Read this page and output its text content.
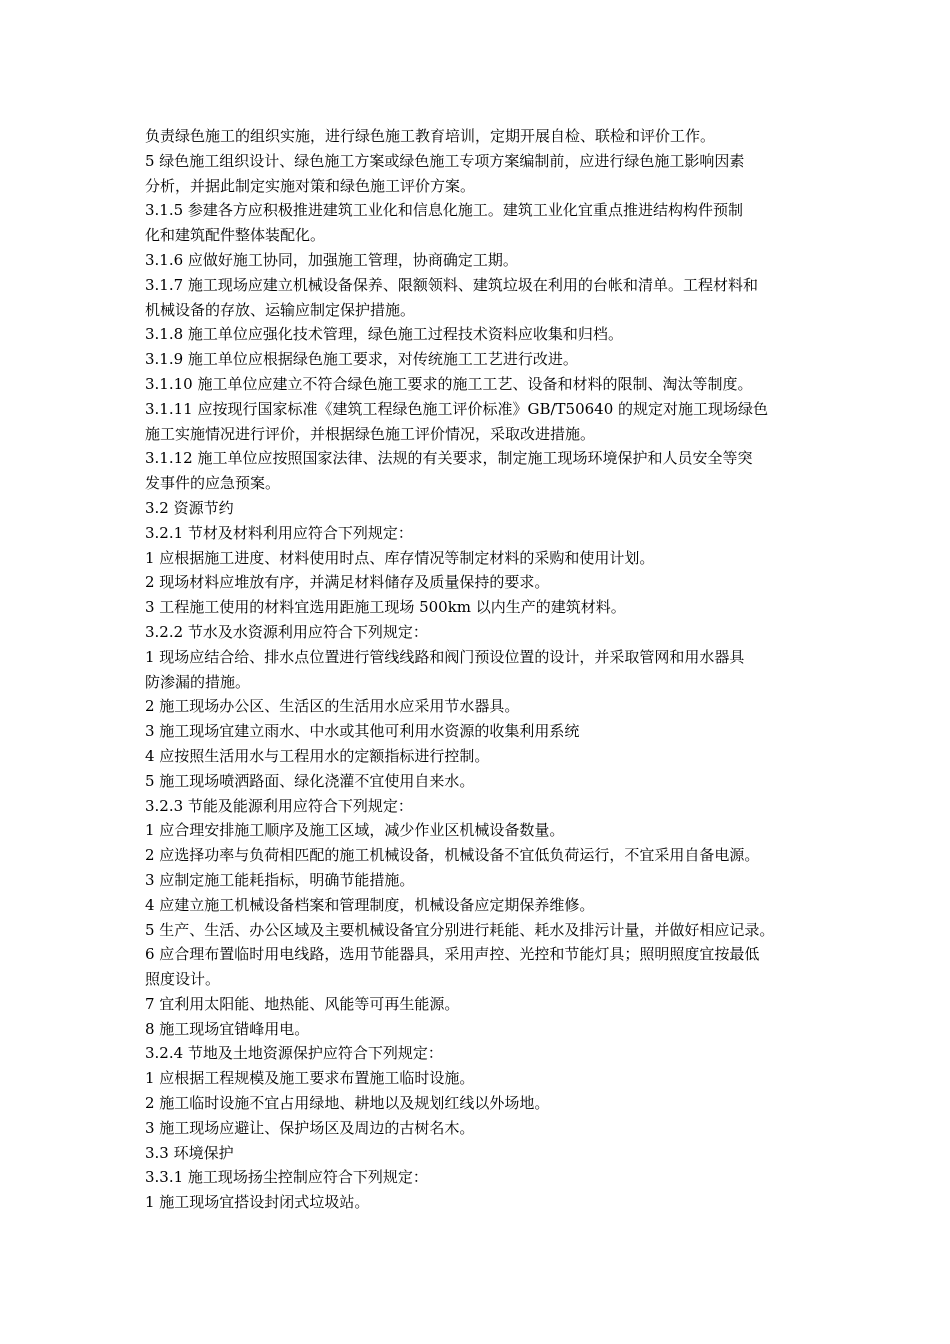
负责绿色施工的组织实施，进行绿色施工教育培训，定期开展自检、联检和评价工作。
5 绿色施工组织设计、绿色施工方案或绿色施工专项方案编制前，应进行绿色施工影响因素
分析，并据此制定实施对策和绿色施工评价方案。
3.1.5 参建各方应积极推进建筑工业化和信息化施工。建筑工业化宜重点推进结构构件预制
化和建筑配件整体装配化。
3.1.6 应做好施工协同，加强施工管理，协商确定工期。
3.1.7 施工现场应建立机械设备保养、限额领料、建筑垃圾在利用的台帐和清单。工程材料和
机械设备的存放、运输应制定保护措施。
3.1.8 施工单位应强化技术管理，绿色施工过程技术资料应收集和归档。
3.1.9 施工单位应根据绿色施工要求，对传统施工工艺进行改进。
3.1.10 施工单位应建立不符合绿色施工要求的施工工艺、设备和材料的限制、淘汰等制度。
3.1.11 应按现行国家标准《建筑工程绿色施工评价标准》GB/T50640 的规定对施工现场绿色
施工实施情况进行评价，并根据绿色施工评价情况，采取改进措施。
3.1.12 施工单位应按照国家法律、法规的有关要求，制定施工现场环境保护和人员安全等突
发事件的应急预案。
3.2 资源节约
3.2.1 节材及材料利用应符合下列规定：
1 应根据施工进度、材料使用时点、库存情况等制定材料的采购和使用计划。
2 现场材料应堆放有序，并满足材料储存及质量保持的要求。
3 工程施工使用的材料宜选用距施工现场 500km 以内生产的建筑材料。
3.2.2 节水及水资源利用应符合下列规定：
1 现场应结合给、排水点位置进行管线线路和阀门预设位置的设计，并采取管网和用水器具
防渗漏的措施。
2 施工现场办公区、生活区的生活用水应采用节水器具。
3 施工现场宜建立雨水、中水或其他可利用水资源的收集利用系统
4 应按照生活用水与工程用水的定额指标进行控制。
5 施工现场喷洒路面、绿化浇灌不宜使用自来水。
3.2.3 节能及能源利用应符合下列规定：
1 应合理安排施工顺序及施工区域，减少作业区机械设备数量。
2 应选择功率与负荷相匹配的施工机械设备，机械设备不宜低负荷运行，不宜采用自备电源。
3 应制定施工能耗指标，明确节能措施。
4 应建立施工机械设备档案和管理制度，机械设备应定期保养维修。
5 生产、生活、办公区域及主要机械设备宜分别进行耗能、耗水及排污计量，并做好相应记录。
6 应合理布置临时用电线路，选用节能器具，采用声控、光控和节能灯具；照明照度宜按最低
照度设计。
7 宜利用太阳能、地热能、风能等可再生能源。
8 施工现场宜错峰用电。
3.2.4 节地及土地资源保护应符合下列规定：
1 应根据工程规模及施工要求布置施工临时设施。
2 施工临时设施不宜占用绿地、耕地以及规划红线以外场地。
3 施工现场应避让、保护场区及周边的古树名木。
3.3 环境保护
3.3.1 施工现场扬尘控制应符合下列规定：
1 施工现场宜搭设封闭式垃圾站。
